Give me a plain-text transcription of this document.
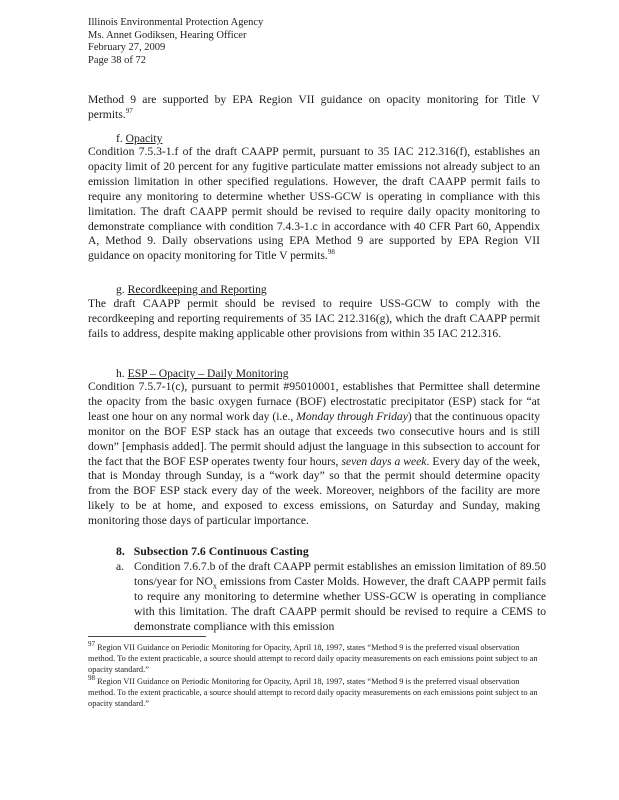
Illinois Environmental Protection Agency
Ms. Annet Godiksen, Hearing Officer
February 27, 2009
Page 38 of 72

Method 9 are supported by EPA Region VII guidance on opacity monitoring for Title V permits.$^{97}$

f. Opacity

Condition 7.5.3-1.f of the draft CAAPP permit, pursuant to 35 IAC 212.316(f), establishes an opacity limit of 20 percent for any fugitive particulate matter emissions not already subject to an emission limitation in other specified regulations. However, the draft CAAPP permit fails to require any monitoring to determine whether USS-GCW is operating in compliance with this limitation. The draft CAAPP permit should be revised to require daily opacity monitoring to demonstrate compliance with condition 7.4.3-1.c in accordance with 40 CFR Part 60, Appendix A, Method 9. Daily observations using EPA Method 9 are supported by EPA Region VII guidance on opacity monitoring for Title V permits.$^{98}$

g. Recordkeeping and Reporting

The draft CAAPP permit should be revised to require USS-GCW to comply with the recordkeeping and reporting requirements of 35 IAC 212.316(g), which the draft CAAPP permit fails to address, despite making applicable other provisions from within 35 IAC 212.316.

h. ESP – Opacity – Daily Monitoring

Condition 7.5.7-1(c), pursuant to permit #95010001, establishes that Permittee shall determine the opacity from the basic oxygen furnace (BOF) electrostatic precipitator (ESP) stack for “at least one hour on any normal work day (i.e., Monday through Friday) that the continuous opacity monitor on the BOF ESP stack has an outage that exceeds two consecutive hours and is still down” [emphasis added]. The permit should adjust the language in this subsection to account for the fact that the BOF ESP operates twenty four hours, seven days a week. Every day of the week, that is Monday through Sunday, is a “work day” so that the permit should determine opacity from the BOF ESP stack every day of the week. Moreover, neighbors of the facility are more likely to be at home, and exposed to excess emissions, on Saturday and Sunday, making monitoring those days of particular importance.

8. Subsection 7.6 Continuous Casting
a. Condition 7.6.7.b of the draft CAAPP permit establishes an emission limitation of 89.50 tons/year for $NO_x$ emissions from Caster Molds. However, the draft CAAPP permit fails to require any monitoring to determine whether USS-GCW is operating in compliance with this limitation. The draft CAAPP permit should be revised to require a CEMS to demonstrate compliance with this emission

$^{97}$ Region VII Guidance on Periodic Monitoring for Opacity, April 18, 1997, states “Method 9 is the preferred visual observation method. To the extent practicable, a source should attempt to record daily opacity measurements on each emissions point subject to an opacity standard.”

$^{98}$ Region VII Guidance on Periodic Monitoring for Opacity, April 18, 1997, states “Method 9 is the preferred visual observation method. To the extent practicable, a source should attempt to record daily opacity measurements on each emissions point subject to an opacity standard.”
